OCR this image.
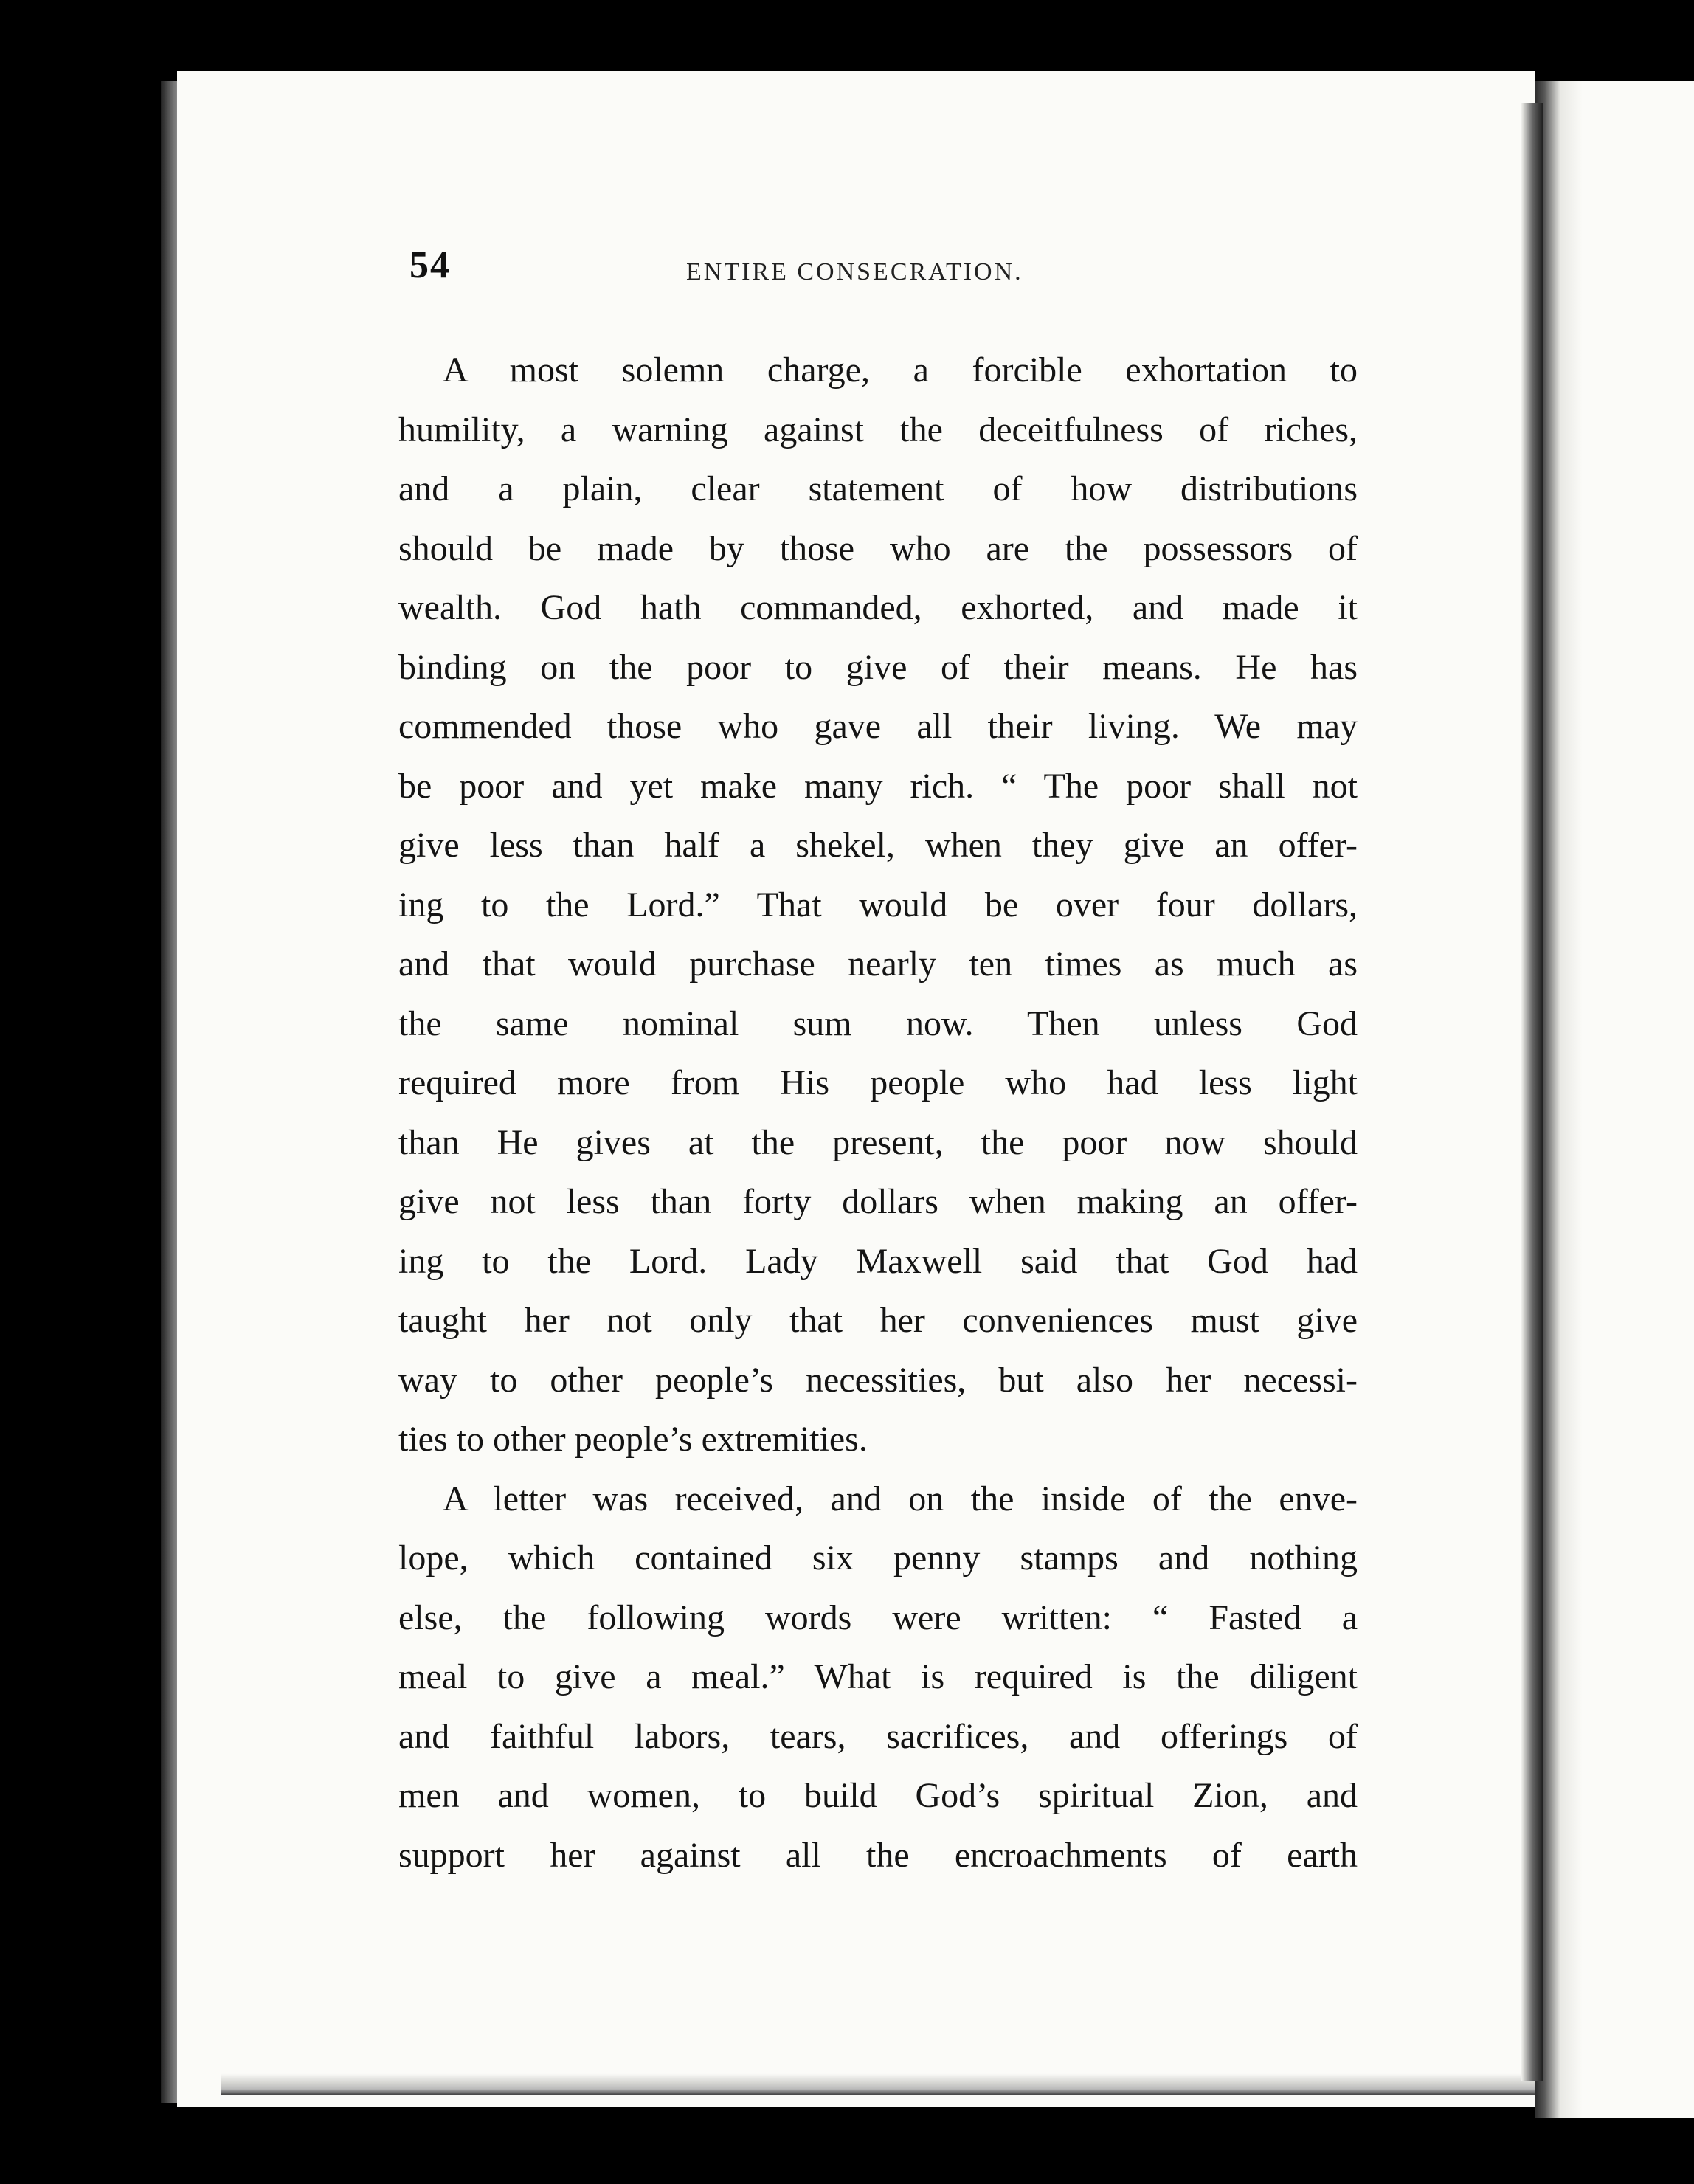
54	ENTIRE CONSECRATION.
A most solemn charge, a forcible exhortation to
humility, a warning against the deceitfulness of riches,
and a plain, clear statement of how distributions
should be made by those who are the possessors of
wealth. God hath commanded, exhorted, and made it
binding on the poor to give of their means. He has
commended those who gave all their living. We may
be poor and yet make many rich. “ The poor shall not
give less than half a shekel, when they give an offer-
ing to the Lord.” That would be over four dollars,
and that would purchase nearly ten times as much as
the same nominal sum now. Then unless God
required more from His people who had less light
than He gives at the present, the poor now should
give not less than forty dollars when making an offer-
ing to the Lord. Lady Maxwell said that God had
taught her not only that her conveniences must give
way to other people’s necessities, but also her necessi-
ties to other people’s extremities.
A letter was received, and on the inside of the enve-
lope, which contained six penny stamps and nothing
else, the following words were written: “ Fasted a
meal to give a meal.” What is required is the diligent
and faithful labors, tears, sacrifices, and offerings of
men and women, to build God’s spiritual Zion, and
support her against all the encroachments of earth
